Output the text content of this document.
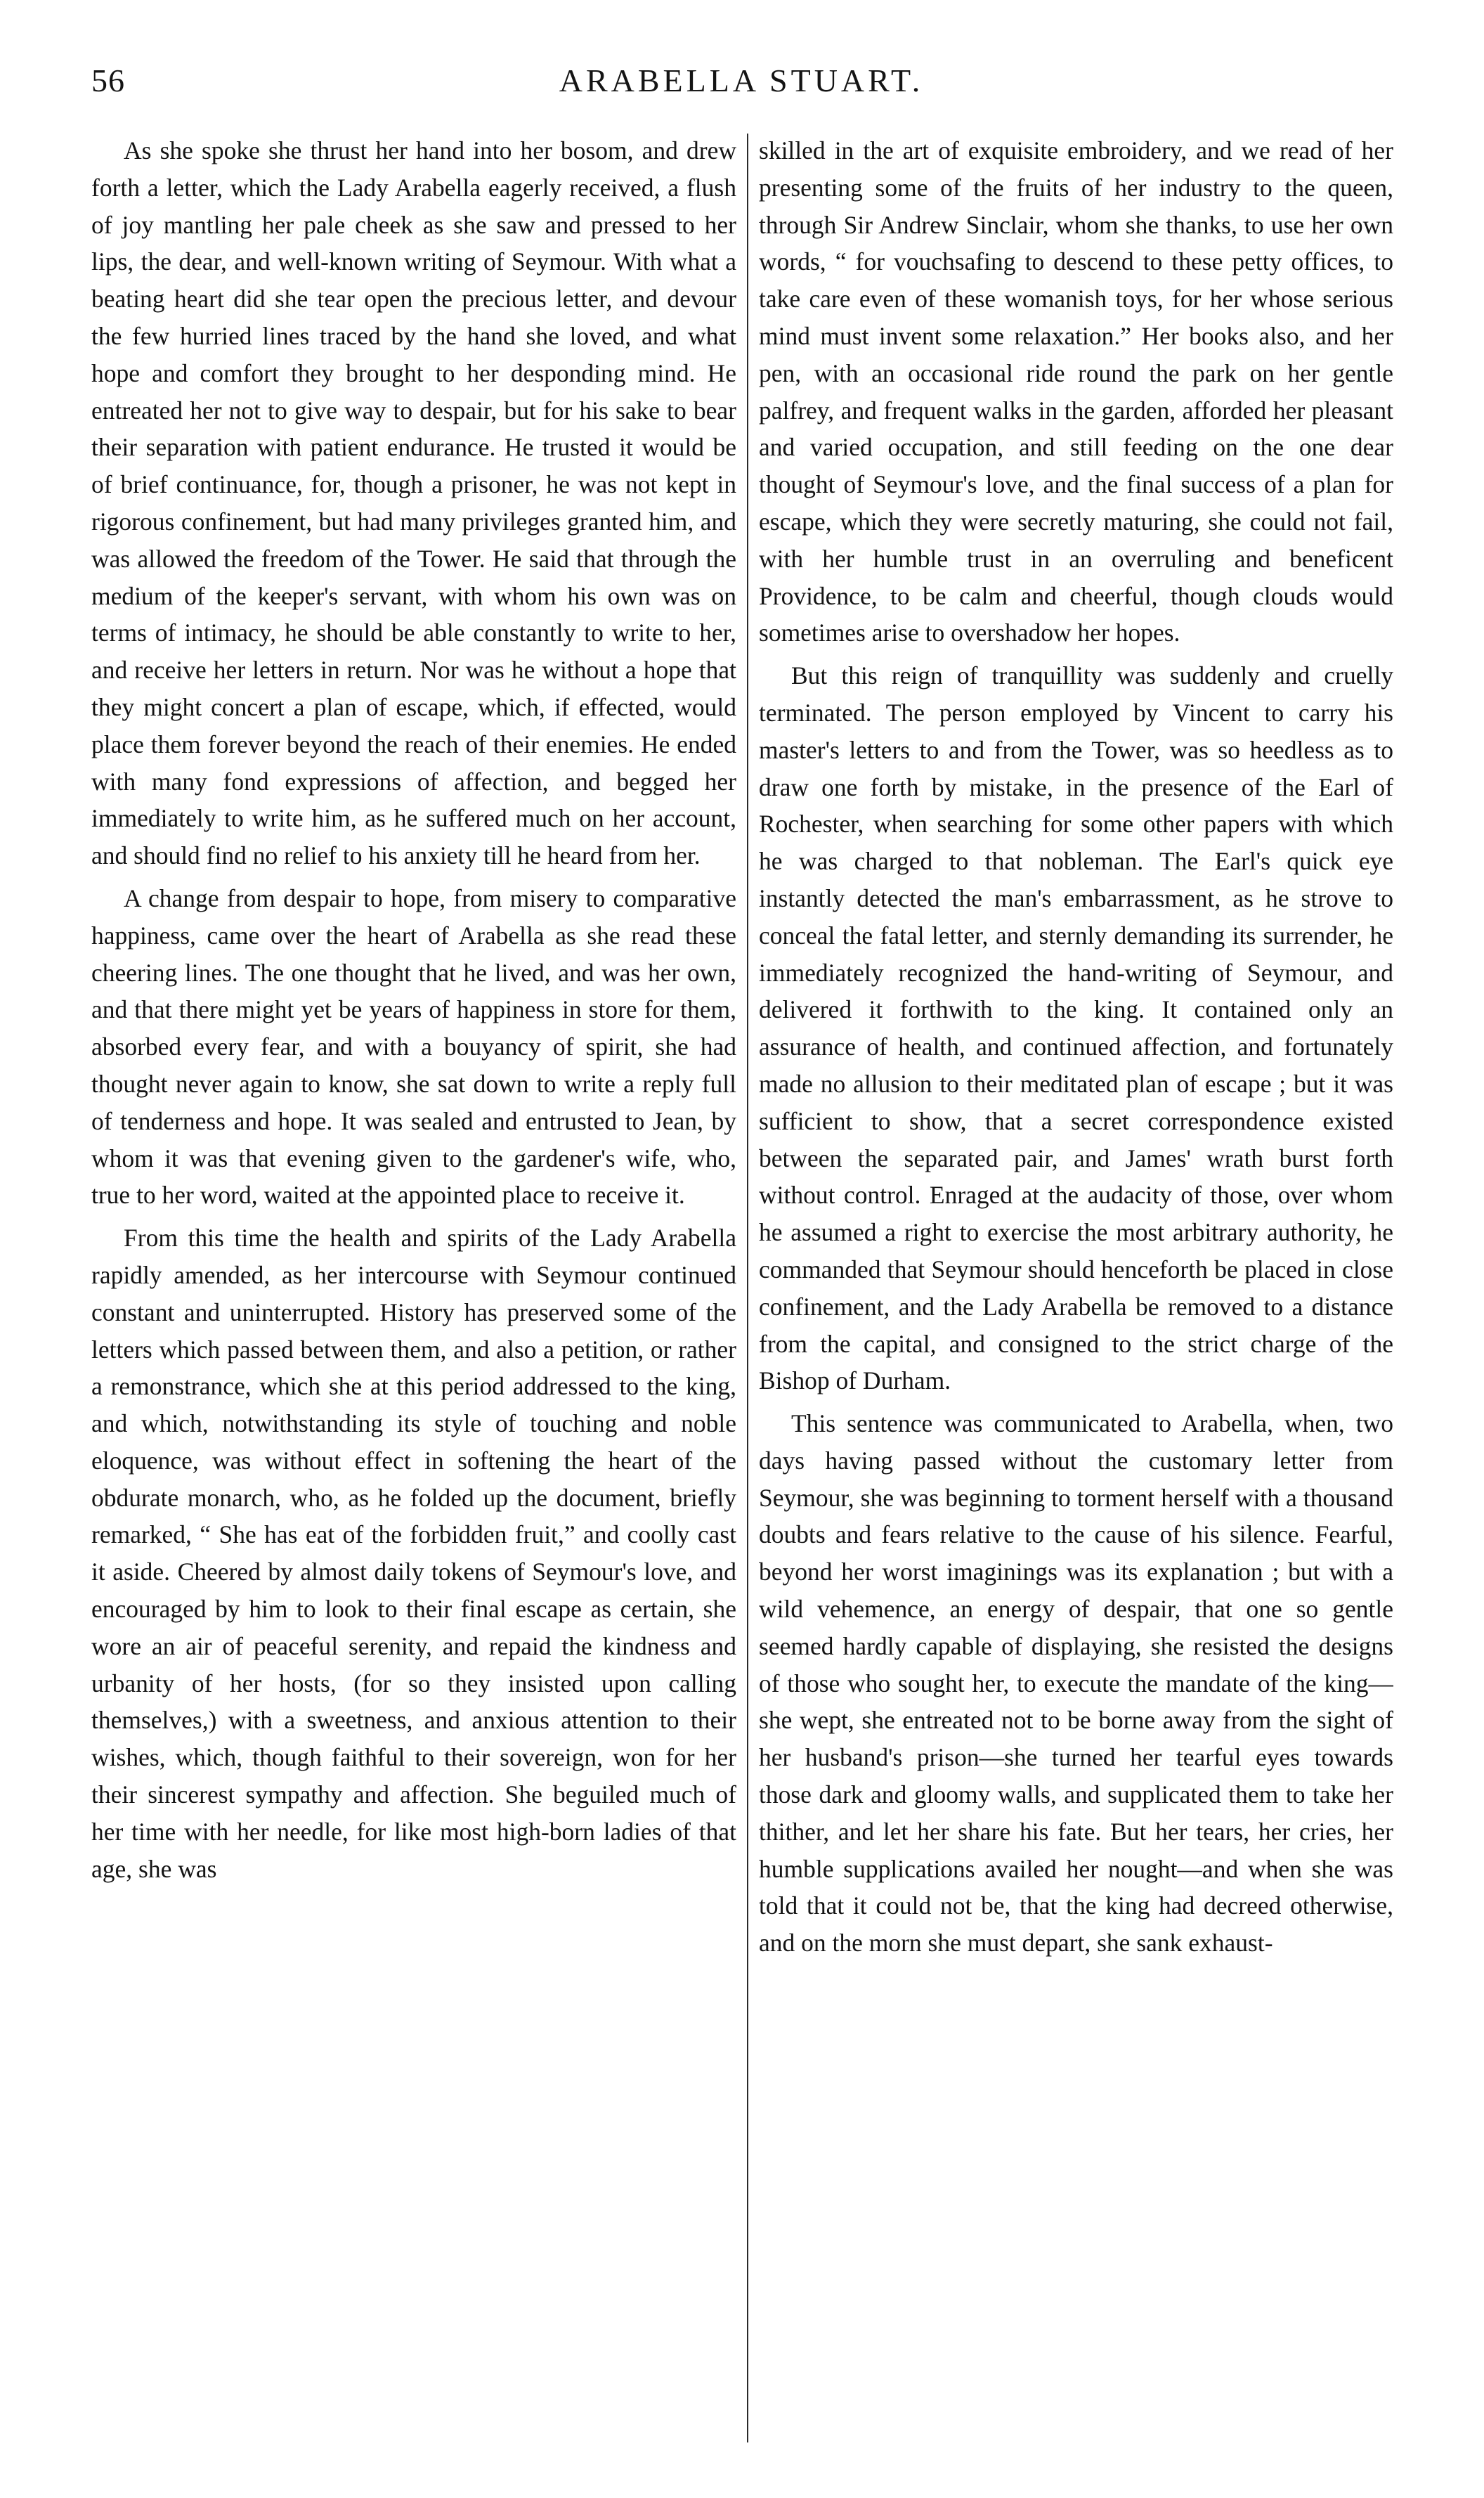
56	ARABELLA STUART.

As she spoke she thrust her hand into her bosom, and drew forth a letter, which the Lady Arabella eagerly received, a flush of joy mantling her pale cheek as she saw and pressed to her lips, the dear, and well-known writing of Seymour. With what a beating heart did she tear open the precious letter, and devour the few hurried lines traced by the hand she loved, and what hope and comfort they brought to her desponding mind. He entreated her not to give way to despair, but for his sake to bear their separation with patient endurance. He trusted it would be of brief continuance, for, though a prisoner, he was not kept in rigorous confinement, but had many privileges granted him, and was allowed the freedom of the Tower. He said that through the medium of the keeper's servant, with whom his own was on terms of intimacy, he should be able constantly to write to her, and receive her letters in return. Nor was he without a hope that they might concert a plan of escape, which, if effected, would place them forever beyond the reach of their enemies. He ended with many fond expressions of affection, and begged her immediately to write him, as he suffered much on her account, and should find no relief to his anxiety till he heard from her.

A change from despair to hope, from misery to comparative happiness, came over the heart of Arabella as she read these cheering lines. The one thought that he lived, and was her own, and that there might yet be years of happiness in store for them, absorbed every fear, and with a bouyancy of spirit, she had thought never again to know, she sat down to write a reply full of tenderness and hope. It was sealed and entrusted to Jean, by whom it was that evening given to the gardener's wife, who, true to her word, waited at the appointed place to receive it.

From this time the health and spirits of the Lady Arabella rapidly amended, as her intercourse with Seymour continued constant and uninterrupted. History has preserved some of the letters which passed between them, and also a petition, or rather a remonstrance, which she at this period addressed to the king, and which, notwithstanding its style of touching and noble eloquence, was without effect in softening the heart of the obdurate monarch, who, as he folded up the document, briefly remarked, “ She has eat of the forbidden fruit,” and coolly cast it aside. Cheered by almost daily tokens of Seymour's love, and encouraged by him to look to their final escape as certain, she wore an air of peaceful serenity, and repaid the kindness and urbanity of her hosts, (for so they insisted upon calling themselves,) with a sweetness, and anxious attention to their wishes, which, though faithful to their sovereign, won for her their sincerest sympathy and affection. She beguiled much of her time with her needle, for like most high-born ladies of that age, she was

skilled in the art of exquisite embroidery, and we read of her presenting some of the fruits of her industry to the queen, through Sir Andrew Sinclair, whom she thanks, to use her own words, “ for vouchsafing to descend to these petty offices, to take care even of these womanish toys, for her whose serious mind must invent some relaxation.” Her books also, and her pen, with an occasional ride round the park on her gentle palfrey, and frequent walks in the garden, afforded her pleasant and varied occupation, and still feeding on the one dear thought of Seymour's love, and the final success of a plan for escape, which they were secretly maturing, she could not fail, with her humble trust in an overruling and beneficent Providence, to be calm and cheerful, though clouds would sometimes arise to overshadow her hopes.

But this reign of tranquillity was suddenly and cruelly terminated. The person employed by Vincent to carry his master's letters to and from the Tower, was so heedless as to draw one forth by mistake, in the presence of the Earl of Rochester, when searching for some other papers with which he was charged to that nobleman. The Earl's quick eye instantly detected the man's embarrassment, as he strove to conceal the fatal letter, and sternly demanding its surrender, he immediately recognized the hand-writing of Seymour, and delivered it forthwith to the king. It contained only an assurance of health, and continued affection, and fortunately made no allusion to their meditated plan of escape ; but it was sufficient to show, that a secret correspondence existed between the separated pair, and James' wrath burst forth without control. Enraged at the audacity of those, over whom he assumed a right to exercise the most arbitrary authority, he commanded that Seymour should henceforth be placed in close confinement, and the Lady Arabella be removed to a distance from the capital, and consigned to the strict charge of the Bishop of Durham.

This sentence was communicated to Arabella, when, two days having passed without the customary letter from Seymour, she was beginning to torment herself with a thousand doubts and fears relative to the cause of his silence. Fearful, beyond her worst imaginings was its explanation ; but with a wild vehemence, an energy of despair, that one so gentle seemed hardly capable of displaying, she resisted the designs of those who sought her, to execute the mandate of the king—she wept, she entreated not to be borne away from the sight of her husband's prison—she turned her tearful eyes towards those dark and gloomy walls, and supplicated them to take her thither, and let her share his fate. But her tears, her cries, her humble supplications availed her nought—and when she was told that it could not be, that the king had decreed otherwise, and on the morn she must depart, she sank exhaust-
